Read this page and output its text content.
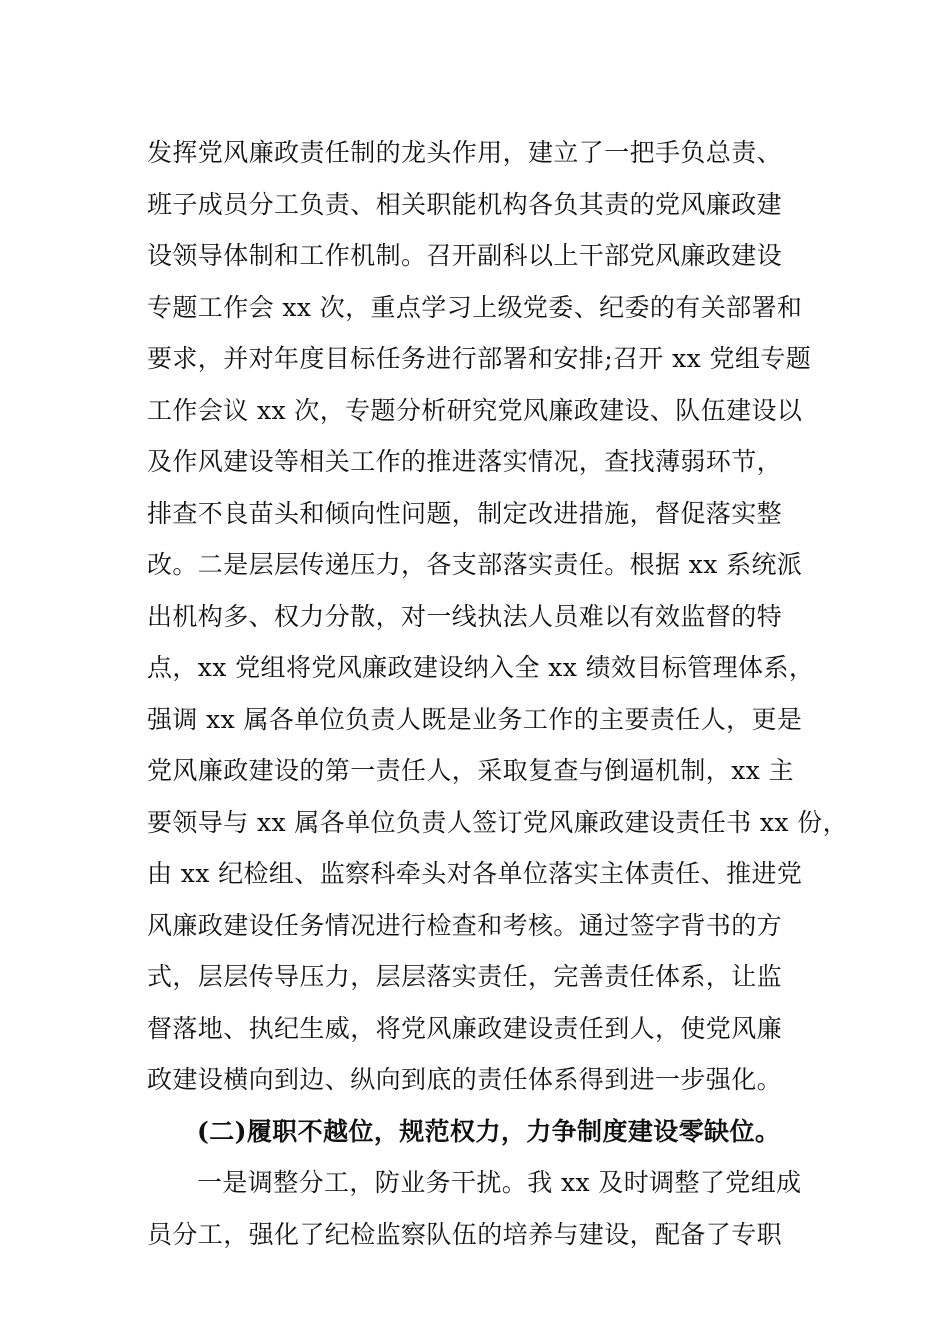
发挥党风廉政责任制的龙头作用，建立了一把手负总责、
班子成员分工负责、相关职能机构各负其责的党风廉政建
设领导体制和工作机制。召开副科以上干部党风廉政建设
专题工作会 xx 次，重点学习上级党委、纪委的有关部署和
要求，并对年度目标任务进行部署和安排;召开 xx 党组专题
工作会议 xx 次，专题分析研究党风廉政建设、队伍建设以
及作风建设等相关工作的推进落实情况，查找薄弱环节，
排查不良苗头和倾向性问题，制定改进措施，督促落实整
改。二是层层传递压力，各支部落实责任。根据 xx 系统派
出机构多、权力分散，对一线执法人员难以有效监督的特
点，xx 党组将党风廉政建设纳入全 xx 绩效目标管理体系，
强调 xx 属各单位负责人既是业务工作的主要责任人，更是
党风廉政建设的第一责任人，采取复查与倒逼机制，xx 主
要领导与 xx 属各单位负责人签订党风廉政建设责任书 xx 份，
由 xx 纪检组、监察科牵头对各单位落实主体责任、推进党
风廉政建设任务情况进行检查和考核。通过签字背书的方
式，层层传导压力，层层落实责任，完善责任体系，让监
督落地、执纪生威，将党风廉政建设责任到人，使党风廉
政建设横向到边、纵向到底的责任体系得到进一步强化。
(二)履职不越位，规范权力，力争制度建设零缺位。
一是调整分工，防业务干扰。我 xx 及时调整了党组成
员分工，强化了纪检监察队伍的培养与建设，配备了专职
